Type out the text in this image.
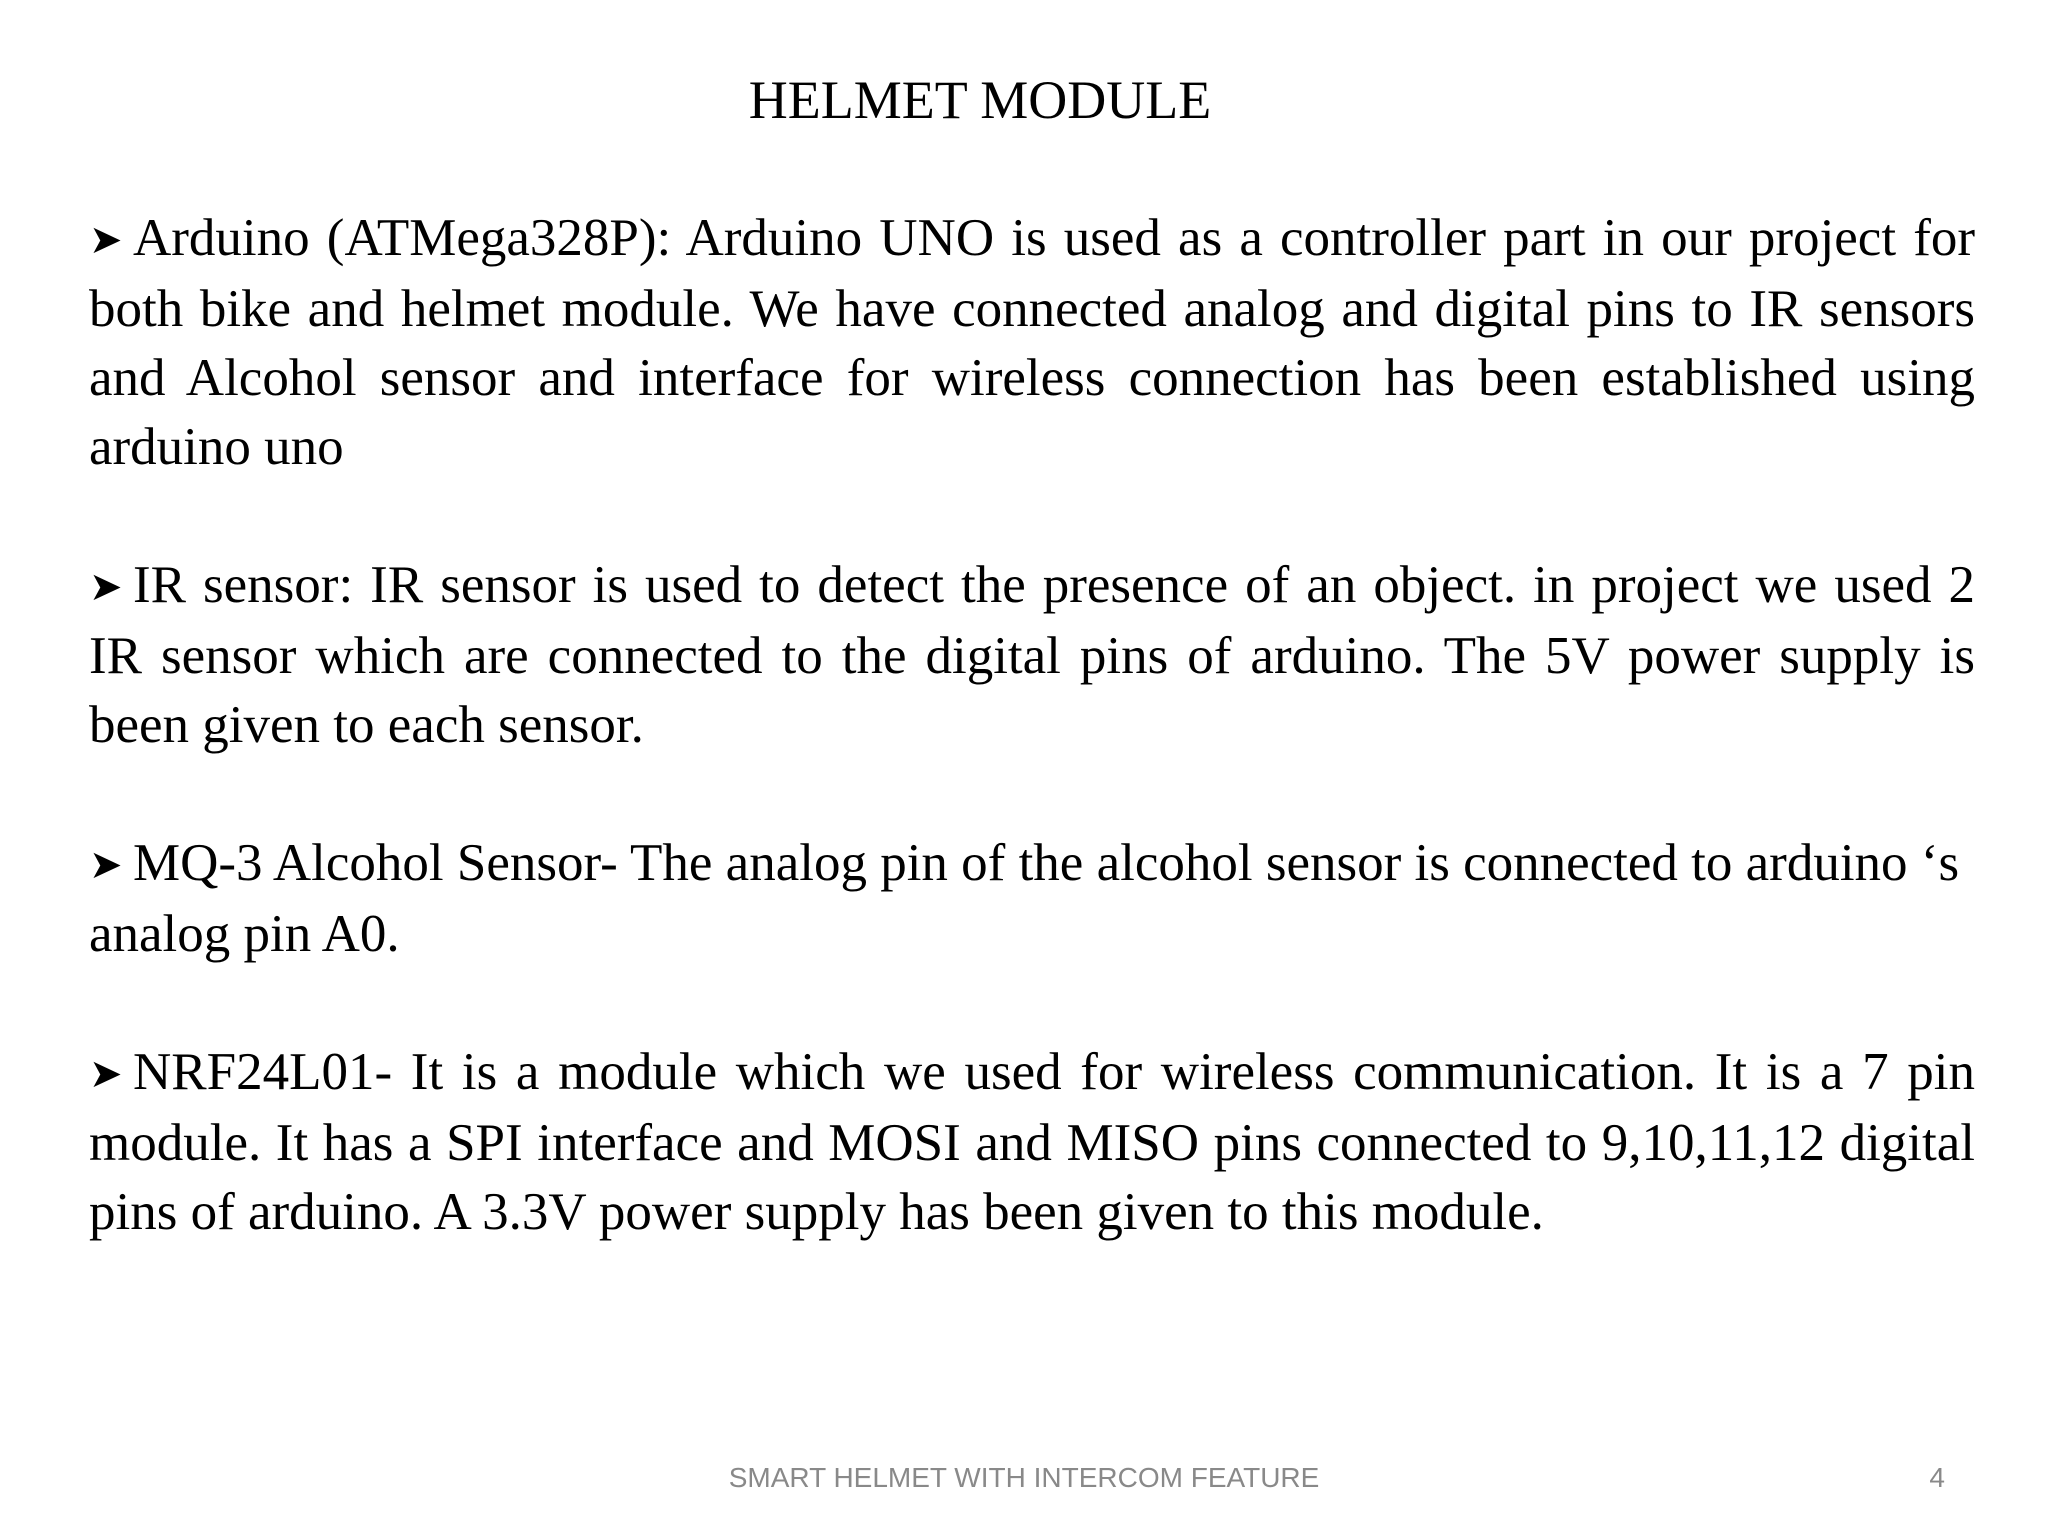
HELMET MODULE

➤ Arduino (ATMega328P): Arduino UNO is used as a controller part in our project for both bike and helmet module. We have connected analog and digital pins to IR sensors and Alcohol sensor and interface for wireless connection has been established using arduino uno

➤ IR sensor: IR sensor is used to detect the presence of an object. in project we used 2 IR sensor which are connected to the digital pins of arduino. The 5V power supply is been given to each sensor.

➤ MQ-3 Alcohol Sensor- The analog pin of the alcohol sensor is connected to arduino ‘s analog pin A0.

➤ NRF24L01- It is a module which we used for wireless communication. It is a 7 pin module. It has a SPI interface and MOSI and MISO pins connected to 9,10,11,12 digital pins of arduino. A 3.3V power supply has been given to this module.

SMART HELMET WITH INTERCOM FEATURE	4
